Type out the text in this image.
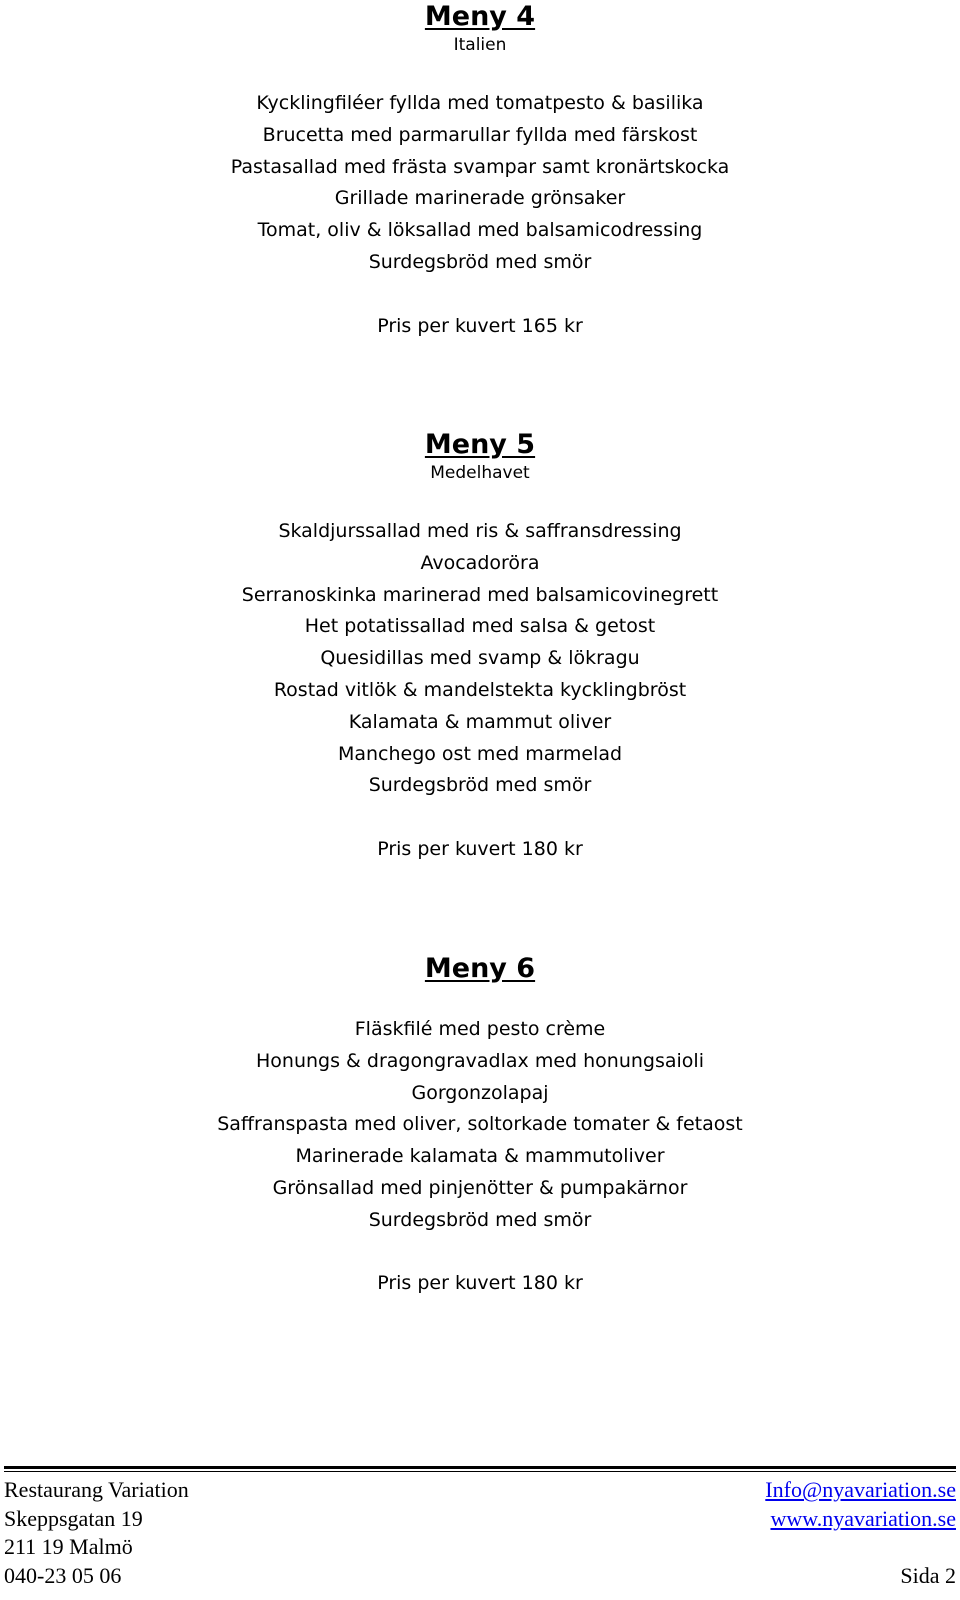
Meny 4
Italien
Kycklingfiléer fyllda med tomatpesto & basilika
Brucetta med parmarullar fyllda med färskost
Pastasallad med frästa svampar samt kronärtskocka
Grillade marinerade grönsaker
Tomat, oliv & löksallad med balsamicodressing
Surdegsbröd med smör
Pris per kuvert 165 kr
Meny 5
Medelhavet
Skaldjurssallad med ris & saffransdressing
Avocadoröra
Serranoskinka marinerad med balsamicovinegrett
Het potatissallad med salsa & getost
Quesidillas med svamp & lökragu
Rostad vitlök & mandelstekta kycklingbröst
Kalamata & mammut oliver
Manchego ost med marmelad
Surdegsbröd med smör
Pris per kuvert 180 kr
Meny 6
Fläskfilé med pesto crème
Honungs & dragongravadlax med honungsaioli
Gorgonzolapaj
Saffranspasta med oliver, soltorkade tomater & fetaost
Marinerade kalamata & mammutoliver
Grönsallad med pinjenötter & pumpakärnor
Surdegsbröd med smör
Pris per kuvert 180 kr
Restaurang Variation	Info@nyavariation.se
Skeppsgatan 19	www.nyavariation.se
211 19 Malmö
040-23 05 06	Sida 2
